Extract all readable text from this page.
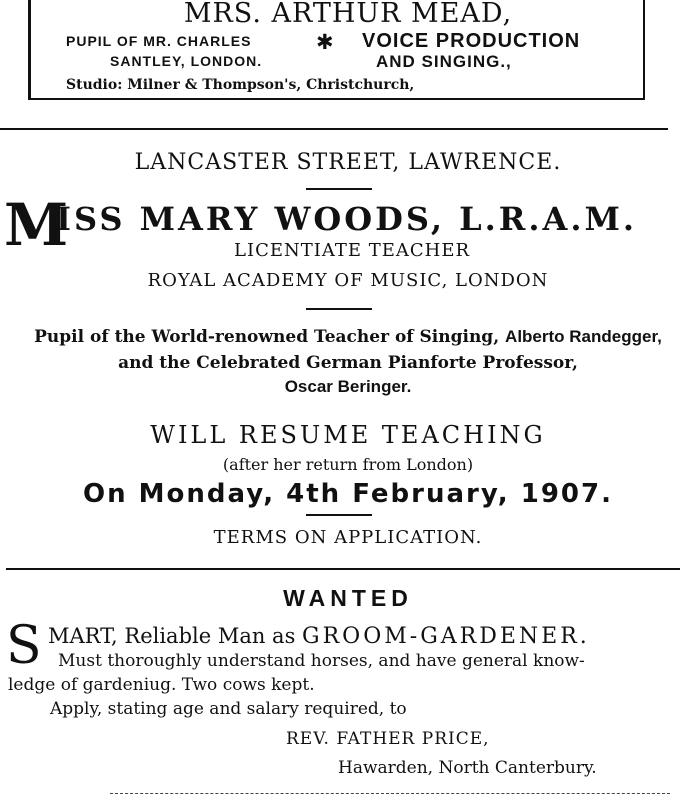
MRS. ARTHUR MEAD,
PUPIL OF MR. CHARLES	✱ VOICE PRODUCTION
SANTLEY, LONDON.	AND SINGING.,
Studio: Milner & Thompson's, Christchurch,
LANCASTER STREET, LAWRENCE.
M
ISS MARY WOODS, L.R.A.M.
LICENTIATE TEACHER
ROYAL ACADEMY OF MUSIC, LONDON
Pupil of the World-renowned Teacher of Singing, Alberto Randegger,
and the Celebrated German Pianforte Professor,
Oscar Beringer.
WILL RESUME TEACHING
(after her return from London)
On Monday, 4th February, 1907.
TERMS ON APPLICATION.
WANTED
S MART, Reliable Man as GROOM-GARDENER.
Must thoroughly understand horses, and have general know-
ledge of gardeniug. Two cows kept.
Apply, stating age and salary required, to
REV. FATHER PRICE,
Hawarden, North Canterbury.
